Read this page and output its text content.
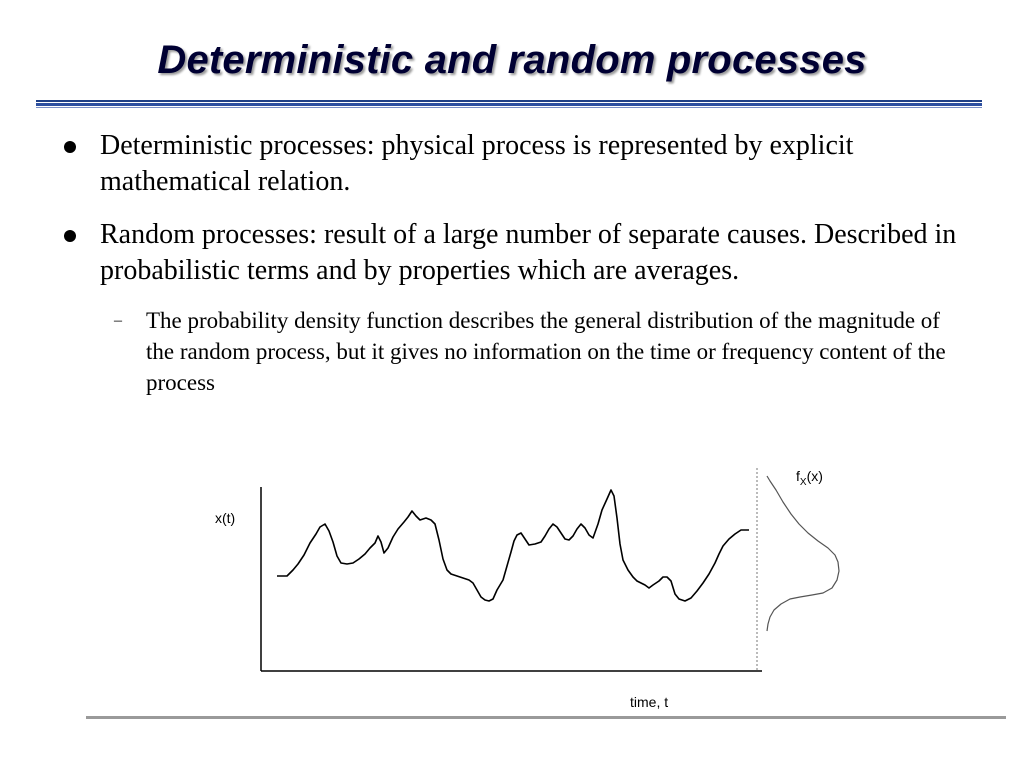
Deterministic and random processes
Deterministic processes: physical process is represented by explicit mathematical relation.
Random processes: result of a large number of separate causes. Described in probabilistic terms and by properties which are averages.
– The probability density function describes the general distribution of the magnitude of the random process, but it gives no information on the time or frequency content of the process
x(t)
time, t
$f_X(x)$
